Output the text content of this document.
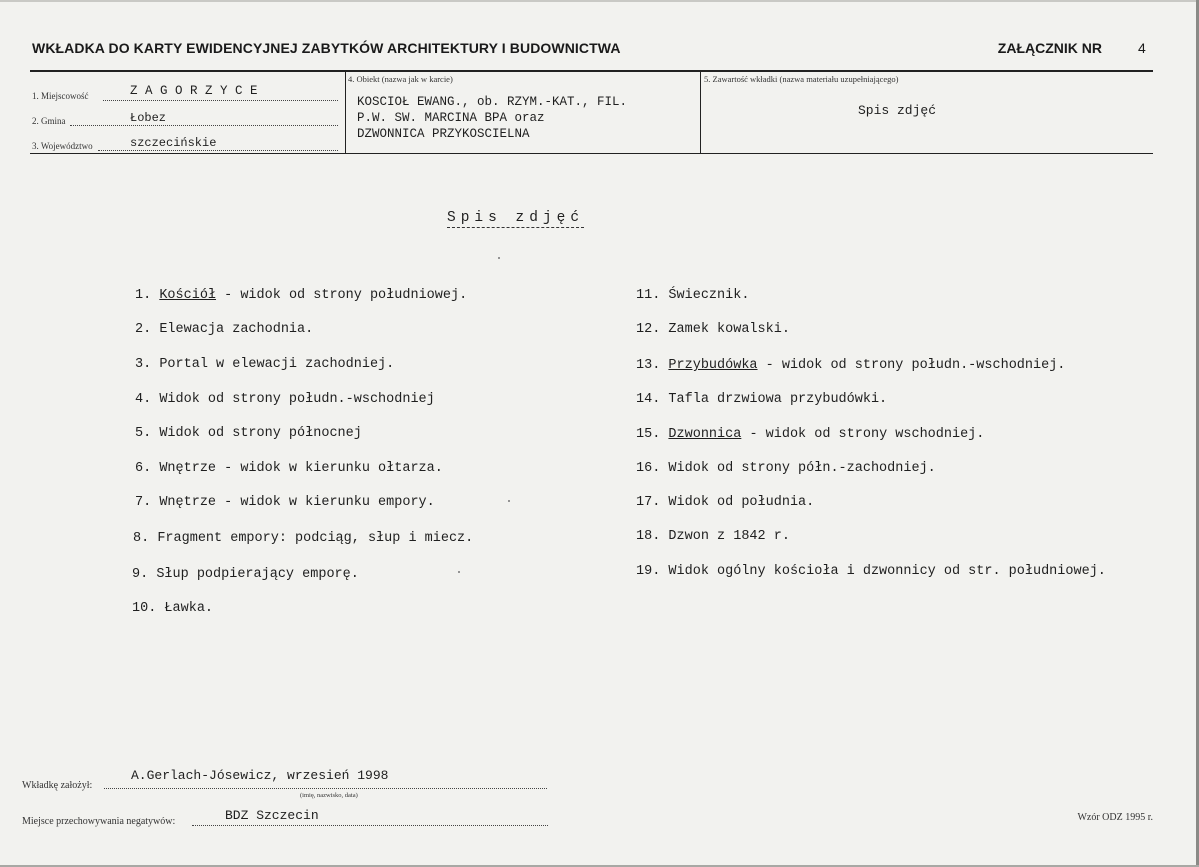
WKŁADKA DO KARTY EWIDENCYJNEJ ZABYTKÓW ARCHITEKTURY I BUDOWNICTWA	ZAŁĄCZNIK NR	4
1. Miejscowość	Z A G O R Z Y C E
2. Gmina	Łobez
3. Województwo	szczecińskie
4. Obiekt (nazwa jak w karcie)
KOSCIOŁ EWANG., ob. RZYM.-KAT., FIL.
P.W. SW. MARCINA BPA oraz
DZWONNICA PRZYKOSCIELNA
5. Zawartość wkładki (nazwa materiału uzupełniającego)
Spis zdjęć
Spis zdjęć
1. Kościół - widok od strony południowej.
2. Elewacja zachodnia.
3. Portal w elewacji zachodniej.
4. Widok od strony połudn.-wschodniej
5. Widok od strony północnej
6. Wnętrze - widok w kierunku ołtarza.
7. Wnętrze - widok w kierunku empory.
8. Fragment empory: podciąg, słup i miecz.
9. Słup podpierający emporę.
10. Ławka.
11. Świecznik.
12. Zamek kowalski.
13. Przybudówka - widok od strony połudn.-wschodniej.
14. Tafla drzwiowa przybudówki.
15. Dzwonnica - widok od strony wschodniej.
16. Widok od strony półn.-zachodniej.
17. Widok od południa.
18. Dzwon z 1842 r.
19. Widok ogólny kościoła i dzwonnicy od str. południowej.
Wkładkę założył:
A.Gerlach-Jósewicz, wrzesień 1998
(imię, nazwisko, data)
Miejsce przechowywania negatywów:	BDZ Szczecin	Wzór ODZ 1995 r.
